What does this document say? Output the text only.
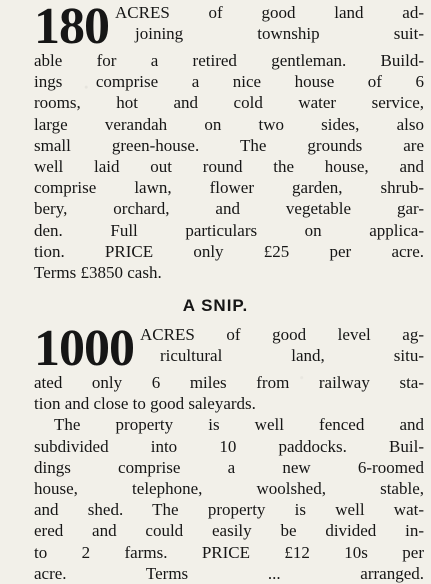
180 ACRES of good land ad-
joining township suit-
able for a retired gentleman. Build-
ings comprise a nice house of 6
rooms, hot and cold water service,
large verandah on two sides, also
small green-house. The grounds are
well laid out round the house, and
comprise lawn, flower garden, shrub-
bery, orchard, and vegetable gar-
den. Full particulars on applica-
tion. PRICE only £25 per acre.
Terms £3850 cash.
A SNIP.
1000 ACRES of good level ag-
ricultural land, situ-
ated only 6 miles from railway sta-
tion and close to good saleyards.
The property is well fenced and
subdivided into 10 paddocks. Buil-
dings comprise a new 6-roomed
house, telephone, woolshed, stable,
and shed. The property is well wat-
ered and could easily be divided in-
to 2 farms. PRICE £12 10s per
acre. Terms ... arranged.
